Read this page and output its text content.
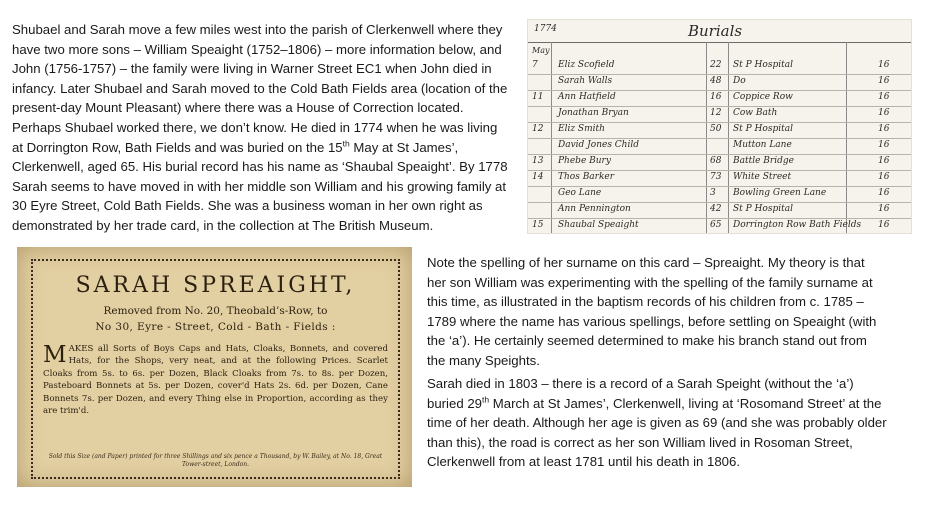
Shubael and Sarah move a few miles west into the parish of Clerkenwell where they have two more sons – William Speaight (1752–1806) – more information below, and John (1756-1757) – the family were living in Warner Street EC1 when John died in infancy. Later Shubael and Sarah moved to the Cold Bath Fields area (location of the present-day Mount Pleasant) where there was a House of Correction located. Perhaps Shubael worked there, we don’t know. He died in 1774 when he was living at Dorrington Row, Bath Fields and was buried on the 15th May at St James’, Clerkenwell, aged 65. His burial record has his name as ‘Shaubal Speaight’. By 1778 Sarah seems to have moved in with her middle son William and his growing family at 30 Eyre Street, Cold Bath Fields. She was a business woman in her own right as demonstrated by her trade card, in the collection at The British Museum.

1774	Burials
May
7 Eliz Scofield	22 St P Hospital	16
Sarah Walls	48 Do	16
11 Ann Hatfield	16 Coppice Row	16
Jonathan Bryan	12 Cow Bath	16
12 Eliz Smith	50 St P Hospital	16
David Jones Child	Mutton Lane	16
13 Phebe Bury	68 Battle Bridge	16
14 Thos Barker	73 White Street	16
Geo Lane	3 Bowling Green Lane	16
Ann Pennington	42 St P Hospital	16
15 Shaubal Speaight	65 Dorrington Row Bath Fields 16
SARAH SPREAIGHT,
Removed from No. 20, Theobald’s-Row, to
No 30, Eyre - Street, Cold - Bath - Fields :
MAKES all Sorts of Boys Caps and Hats, Cloaks, Bonnets, and covered Hats, for the Shops, very neat, and at the following Prices. Scarlet Cloaks from 5s. to 6s. per Dozen, Black Cloaks from 7s. to 8s. per Dozen, Pasteboard Bonnets at 5s. per Dozen, cover'd Hats 2s. 6d. per Dozen, Cane Bonnets 7s. per Dozen, and every Thing else in Proportion, according as they are trim'd.
Sold this Size (and Paper) printed for three Shillings and six pence a Thousand, by W. Bailey, at No. 18, Great Tower-street, London.

Note the spelling of her surname on this card – Spreaight. My theory is that her son William was experimenting with the spelling of the family surname at this time, as illustrated in the baptism records of his children from c. 1785 – 1789 where the name has various spellings, before settling on Speaight (with the ‘a’). He certainly seemed determined to make his branch stand out from the many Speights.

Sarah died in 1803 – there is a record of a Sarah Speight (without the ‘a’) buried 29th March at St James’, Clerkenwell, living at ‘Rosomand Street’ at the time of her death. Although her age is given as 69 (and she was probably older than this), the road is correct as her son William lived in Rosoman Street, Clerkenwell from at least 1781 until his death in 1806.
